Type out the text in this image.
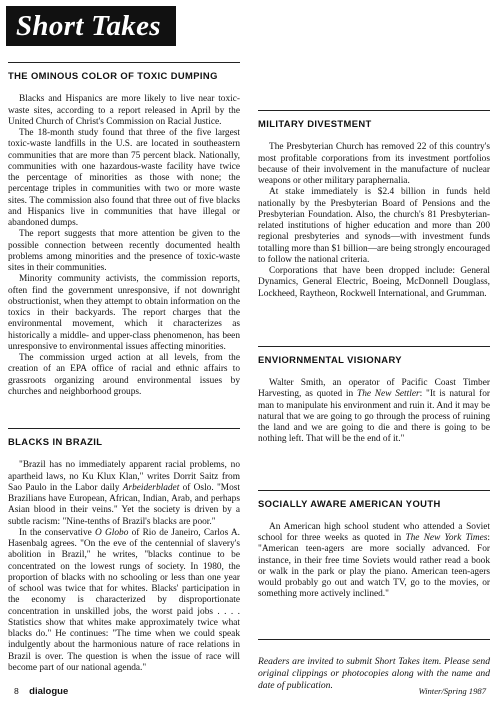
Short Takes
THE OMINOUS COLOR OF TOXIC DUMPING

Blacks and Hispanics are more likely to live near toxic-waste sites, according to a report released in April by the United Church of Christ's Commission on Racial Justice.

The 18-month study found that three of the five largest toxic-waste landfills in the U.S. are located in southeastern communities that are more than 75 percent black. Nationally, communities with one hazardous-waste facility have twice the percentage of minorities as those with none; the percentage triples in communities with two or more waste sites. The commission also found that three out of five blacks and Hispanics live in communities that have illegal or abandoned dumps.

The report suggests that more attention be given to the possible connection between recently documented health problems among minorities and the presence of toxic-waste sites in their communities.

Minority community activists, the commission reports, often find the government unresponsive, if not downright obstructionist, when they attempt to obtain information on the toxics in their backyards. The report charges that the environmental movement, which it characterizes as historically a middle- and upper-class phenomenon, has been unresponsive to environmental issues affecting minorities.

The commission urged action at all levels, from the creation of an EPA office of racial and ethnic affairs to grassroots organizing around environmental issues by churches and neighborhood groups.

BLACKS IN BRAZIL

"Brazil has no immediately apparent racial problems, no apartheid laws, no Ku Klux Klan," writes Dorrit Saitz from Sao Paulo in the Labor daily Arbeiderbladet of Oslo. "Most Brazilians have European, African, Indian, Arab, and perhaps Asian blood in their veins." Yet the society is driven by a subtle racism: "Nine-tenths of Brazil's blacks are poor."

In the conservative O Globo of Rio de Janeiro, Carlos A. Hasenbalg agrees. "On the eve of the centennial of slavery's abolition in Brazil," he writes, "blacks continue to be concentrated on the lowest rungs of society. In 1980, the proportion of blacks with no schooling or less than one year of school was twice that for whites. Blacks' participation in the economy is characterized by disproportionate concentration in unskilled jobs, the worst paid jobs . . . . Statistics show that whites make approximately twice what blacks do." He continues: "The time when we could speak indulgently about the harmonious nature of race relations in Brazil is over. The question is when the issue of race will become part of our national agenda."

MILITARY DIVESTMENT

The Presbyterian Church has removed 22 of this country's most profitable corporations from its investment portfolios because of their involvement in the manufacture of nuclear weapons or other military paraphernalia.

At stake immediately is $2.4 billion in funds held nationally by the Presbyterian Board of Pensions and the Presbyterian Foundation. Also, the church's 81 Presbyterian-related institutions of higher education and more than 200 regional presbyteries and synods—with investment funds totalling more than $1 billion—are being strongly encouraged to follow the national criteria.

Corporations that have been dropped include: General Dynamics, General Electric, Boeing, McDonnell Douglass, Lockheed, Raytheon, Rockwell International, and Grumman.

ENVIORNMENTAL VISIONARY

Walter Smith, an operator of Pacific Coast Timber Harvesting, as quoted in The New Settler: "It is natural for man to manipulate his environment and ruin it. And it may be natural that we are going to go through the process of ruining the land and we are going to die and there is going to be nothing left. That will be the end of it."

SOCIALLY AWARE AMERICAN YOUTH

An American high school student who attended a Soviet school for three weeks as quoted in The New York Times: "American teen-agers are more socially advanced. For instance, in their free time Soviets would rather read a book or walk in the park or play the piano. American teen-agers would probably go out and watch TV, go to the movies, or something more actively inclined."

Readers are invited to submit Short Takes item. Please send original clippings or photocopies along with the name and date of publication.

8 dialogue	Winter/Spring 1987
